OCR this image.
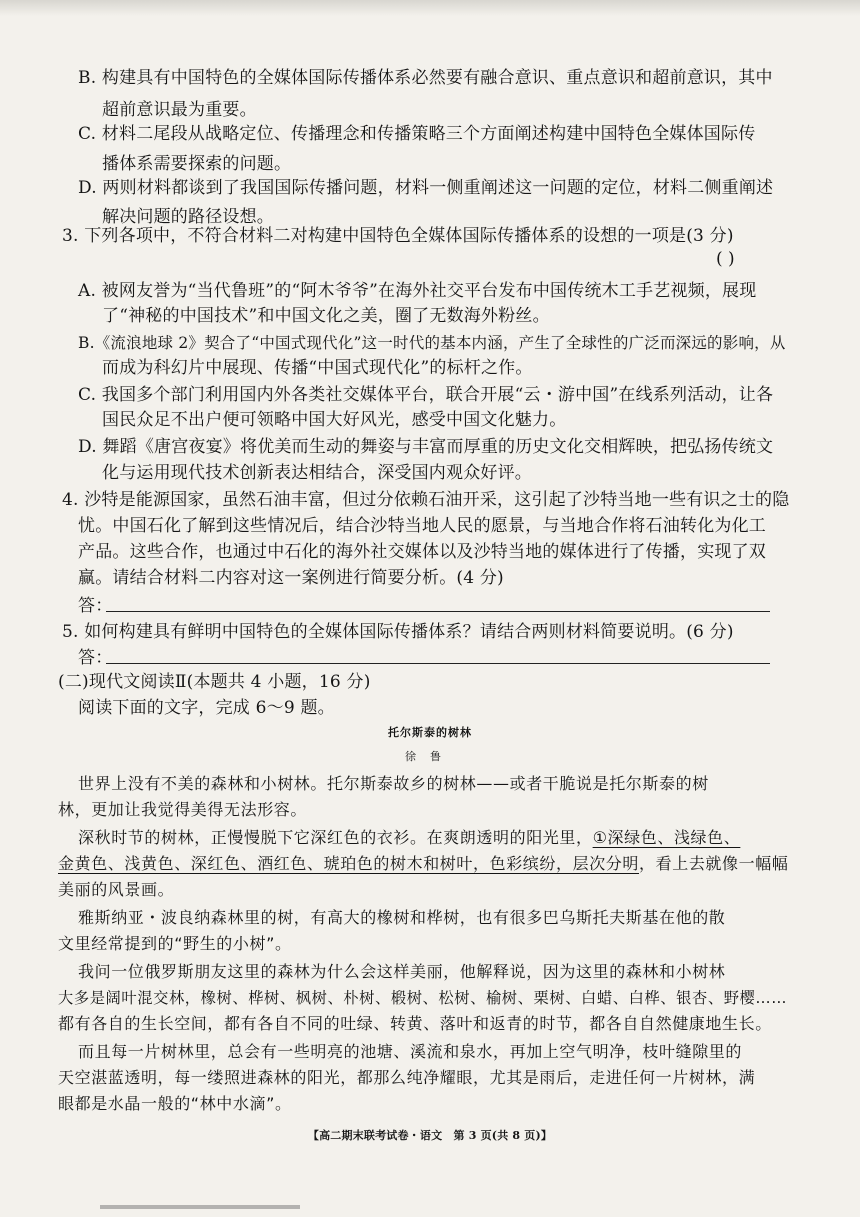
B. 构建具有中国特色的全媒体国际传播体系必然要有融合意识、重点意识和超前意识，其中
超前意识最为重要。
C. 材料二尾段从战略定位、传播理念和传播策略三个方面阐述构建中国特色全媒体国际传
播体系需要探索的问题。
D. 两则材料都谈到了我国国际传播问题，材料一侧重阐述这一问题的定位，材料二侧重阐述
解决问题的路径设想。
3. 下列各项中，不符合材料二对构建中国特色全媒体国际传播体系的设想的一项是(3 分)
( )
A. 被网友誉为“当代鲁班”的“阿木爷爷”在海外社交平台发布中国传统木工手艺视频，展现
了“神秘的中国技术”和中国文化之美，圈了无数海外粉丝。
B.《流浪地球 2》契合了“中国式现代化”这一时代的基本内涵，产生了全球性的广泛而深远的影响，从
而成为科幻片中展现、传播“中国式现代化”的标杆之作。
C. 我国多个部门利用国内外各类社交媒体平台，联合开展“云・游中国”在线系列活动，让各
国民众足不出户便可领略中国大好风光，感受中国文化魅力。
D. 舞蹈《唐宫夜宴》将优美而生动的舞姿与丰富而厚重的历史文化交相辉映，把弘扬传统文
化与运用现代技术创新表达相结合，深受国内观众好评。
4. 沙特是能源国家，虽然石油丰富，但过分依赖石油开采，这引起了沙特当地一些有识之士的隐
忧。中国石化了解到这些情况后，结合沙特当地人民的愿景，与当地合作将石油转化为化工
产品。这些合作，也通过中石化的海外社交媒体以及沙特当地的媒体进行了传播，实现了双
赢。请结合材料二内容对这一案例进行简要分析。(4 分)
答：
5. 如何构建具有鲜明中国特色的全媒体国际传播体系？请结合两则材料简要说明。(6 分)
答：
(二)现代文阅读Ⅱ(本题共 4 小题，16 分)
阅读下面的文字，完成 6～9 题。
托尔斯泰的树林
徐鲁
世界上没有不美的森林和小树林。托尔斯泰故乡的树林——或者干脆说是托尔斯泰的树
林，更加让我觉得美得无法形容。
深秋时节的树林，正慢慢脱下它深红色的衣衫。在爽朗透明的阳光里，①深绿色、浅绿色、
金黄色、浅黄色、深红色、酒红色、琥珀色的树木和树叶，色彩缤纷，层次分明，看上去就像一幅幅
美丽的风景画。
雅斯纳亚・波良纳森林里的树，有高大的橡树和桦树，也有很多巴乌斯托夫斯基在他的散
文里经常提到的“野生的小树”。
我问一位俄罗斯朋友这里的森林为什么会这样美丽，他解释说，因为这里的森林和小树林
大多是阔叶混交林，橡树、桦树、枫树、朴树、椴树、松树、榆树、栗树、白蜡、白桦、银杏、野樱……
都有各自的生长空间，都有各自不同的吐绿、转黄、落叶和返青的时节，都各自自然健康地生长。
而且每一片树林里，总会有一些明亮的池塘、溪流和泉水，再加上空气明净，枝叶缝隙里的
天空湛蓝透明，每一缕照进森林的阳光，都那么纯净耀眼，尤其是雨后，走进任何一片树林，满
眼都是水晶一般的“林中水滴”。
【高二期末联考试卷・语文　第 3 页(共 8 页)】
